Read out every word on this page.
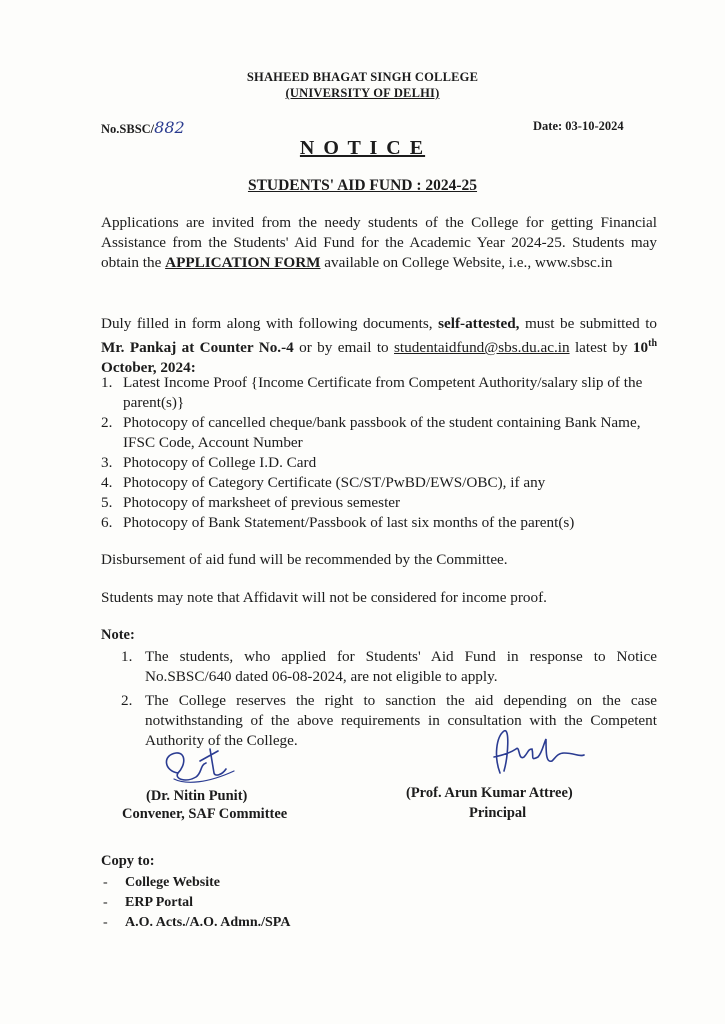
SHAHEED BHAGAT SINGH COLLEGE
(UNIVERSITY OF DELHI)
No.SBSC/882	Date: 03-10-2024
N O T I C E
STUDENTS' AID FUND : 2024-25
Applications are invited from the needy students of the College for getting Financial Assistance from the Students' Aid Fund for the Academic Year 2024-25. Students may obtain the APPLICATION FORM available on College Website, i.e., www.sbsc.in
Duly filled in form along with following documents, self-attested, must be submitted to Mr. Pankaj at Counter No.-4 or by email to studentaidfund@sbs.du.ac.in latest by 10th October, 2024:
1. Latest Income Proof {Income Certificate from Competent Authority/salary slip of the parent(s)}
2. Photocopy of cancelled cheque/bank passbook of the student containing Bank Name, IFSC Code, Account Number
3. Photocopy of College I.D. Card
4. Photocopy of Category Certificate (SC/ST/PwBD/EWS/OBC), if any
5. Photocopy of marksheet of previous semester
6. Photocopy of Bank Statement/Passbook of last six months of the parent(s)
Disbursement of aid fund will be recommended by the Committee.
Students may note that Affidavit will not be considered for income proof.
Note:
1. The students, who applied for Students' Aid Fund in response to Notice No.SBSC/640 dated 06-08-2024, are not eligible to apply.
2. The College reserves the right to sanction the aid depending on the case notwithstanding of the above requirements in consultation with the Competent Authority of the College.
(Dr. Nitin Punit)
Convener, SAF Committee
(Prof. Arun Kumar Attree)
Principal
Copy to:
- College Website
- ERP Portal
- A.O. Acts./A.O. Admn./SPA
